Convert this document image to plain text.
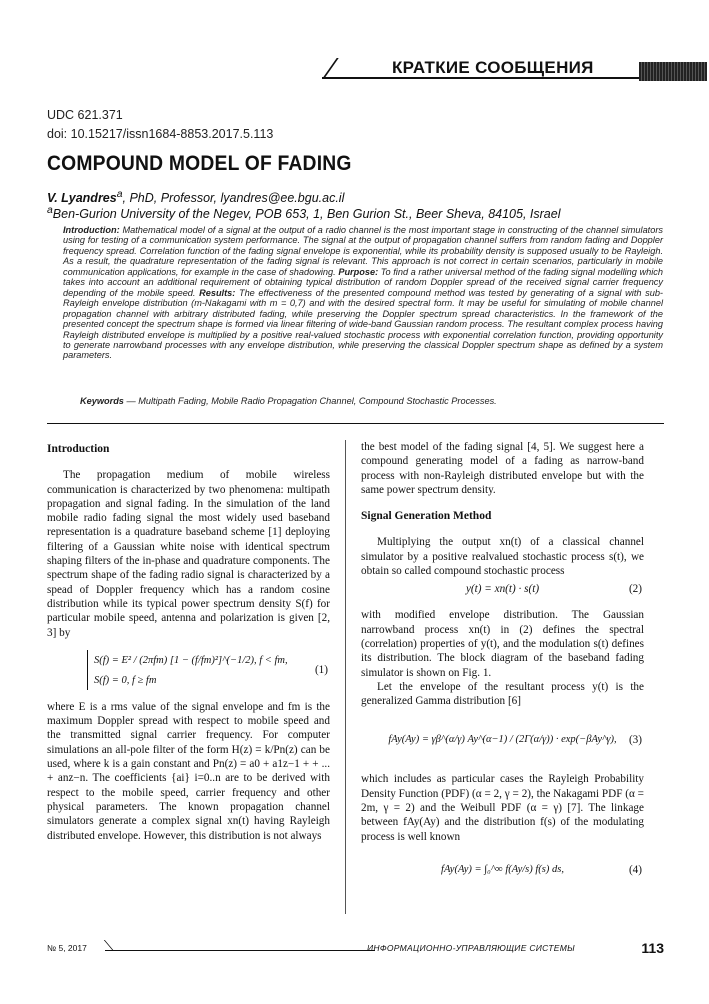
КРАТКИЕ СООБЩЕНИЯ
UDC 621.371
doi: 10.15217/issn1684-8853.2017.5.113
COMPOUND MODEL OF FADING
V. Lyandres$^a$, PhD, Professor, lyandres@ee.bgu.ac.il
$^a$Ben-Gurion University of the Negev, POB 653, 1, Ben Gurion St., Beer Sheva, 84105, Israel
Introduction: Mathematical model of a signal at the output of a radio channel is the most important stage in constructing of the channel simulators using for testing of a communication system performance. The signal at the output of propagation channel suffers from random fading and Doppler frequency spread. Correlation function of the fading signal envelope is exponential, while its probability density is supposed usually to be Rayleigh. As a result, the quadrature representation of the fading signal is relevant. This approach is not correct in certain scenarios, particularly in mobile communication applications, for example in the case of shadowing. Purpose: To find a rather universal method of the fading signal modelling which takes into account an additional requirement of obtaining typical distribution of random Doppler spread of the received signal carrier frequency depending of the mobile speed. Results: The effectiveness of the presented compound method was tested by generating of a signal with sub-Rayleigh envelope distribution (m-Nakagami with m = 0,7) and with the desired spectral form. It may be useful for simulating of mobile channel propagation channel with arbitrary distributed fading, while preserving the Doppler spectrum spread characteristics. In the framework of the presented concept the spectrum shape is formed via linear filtering of wide-band Gaussian random process. The resultant complex process having Rayleigh distributed envelope is multiplied by a positive real-valued stochastic process with exponential correlation function, providing opportunity to generate narrowband processes with any envelope distribution, while preserving the classical Doppler spectrum shape as defined by a system parameters.
Keywords — Multipath Fading, Mobile Radio Propagation Channel, Compound Stochastic Processes.
Introduction

The propagation medium of mobile wireless communication is characterized by two phenomena: multipath propagation and signal fading. In the simulation of the land mobile radio fading signal the most widely used baseband representation is a quadrature baseband scheme [1] deploying filtering of a Gaussian white noise with identical spectrum shaping filters of the in-phase and quadrature components. The spectrum shape of the fading radio signal is characterized by a spead of Doppler frequency which has a random cosine distribution while its typical power spectrum density S(f) for particular mobile speed, antenna and polarization is given [2, 3] by

S(f) = E² / (2πfm) [1 − (f/fm)²]^(−1/2), f < fm,
S(f) = 0, f ≥ fm
(1)

where E is a rms value of the signal envelope and fm is the maximum Doppler spread with respect to mobile speed and the transmitted signal carrier frequency. For computer simulations an all-pole filter of the form H(z) = k/Pn(z) can be used, where k is a gain constant and Pn(z) = a0 + a1z−1 + + ... + anz−n. The coefficients {ai} i=0..n are to be derived with respect to the mobile speed, carrier frequency and other physical parameters. The known propagation channel simulators generate a complex signal xn(t) having Rayleigh distributed envelope. However, this distribution is not always

the best model of the fading signal [4, 5]. We suggest here a compound generating model of a fading as narrow-band process with non-Rayleigh distributed envelope but with the same power spectrum density.

Signal Generation Method

Multiplying the output xn(t) of a classical channel simulator by a positive realvalued stochastic process s(t), we obtain so called compound stochastic process

y(t) = xn(t) · s(t)	(2)

with modified envelope distribution. The Gaussian narrowband process xn(t) in (2) defines the spectral (correlation) properties of y(t), and the modulation s(t) defines its distribution. The block diagram of the baseband fading simulator is shown on Fig. 1.

Let the envelope of the resultant process y(t) is the generalized Gamma distribution [6]

fAy(Ay) = γβ^(α/γ) Ay^(α−1) / (2Γ(α/γ)) · exp(−βAy^γ), (3)

which includes as particular cases the Rayleigh Probability Density Function (PDF) (α = 2, γ = 2), the Nakagami PDF (α = 2m, γ = 2) and the Weibull PDF (α = γ) [7]. The linkage between fAy(Ay) and the distribution f(s) of the modulating process is well known

fAy(Ay) = ∫₀^∞ f(Ay/s) f(s) ds,	(4)
№ 5, 2017	ИНФОРМАЦИОННО-УПРАВЛЯЮЩИЕ СИСТЕМЫ	113
